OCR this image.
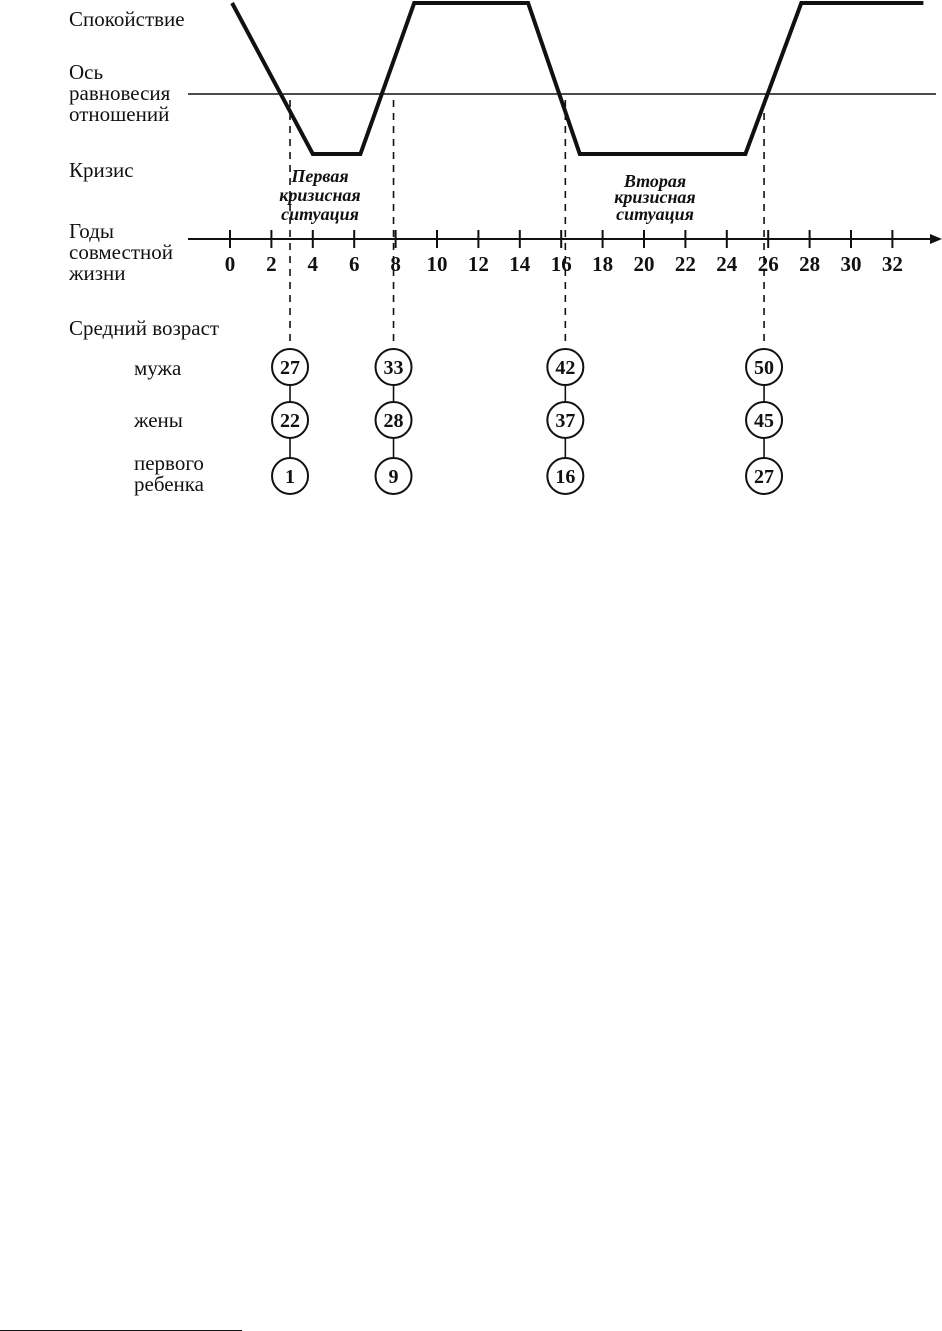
Спокойствие
Ось
равновесия
отношений
Кризис
Годы
совместной
жизни
Средний возраст
мужа
жены
первого
ребенка
0 2 4 6 8 10 12 14 16 18 20 22 24 26 28 30 32
Первая
кризисная
ситуация
Вторая
кризисная
ситуация
27
22
1
33
28
9
42
37
16
50
45
27
